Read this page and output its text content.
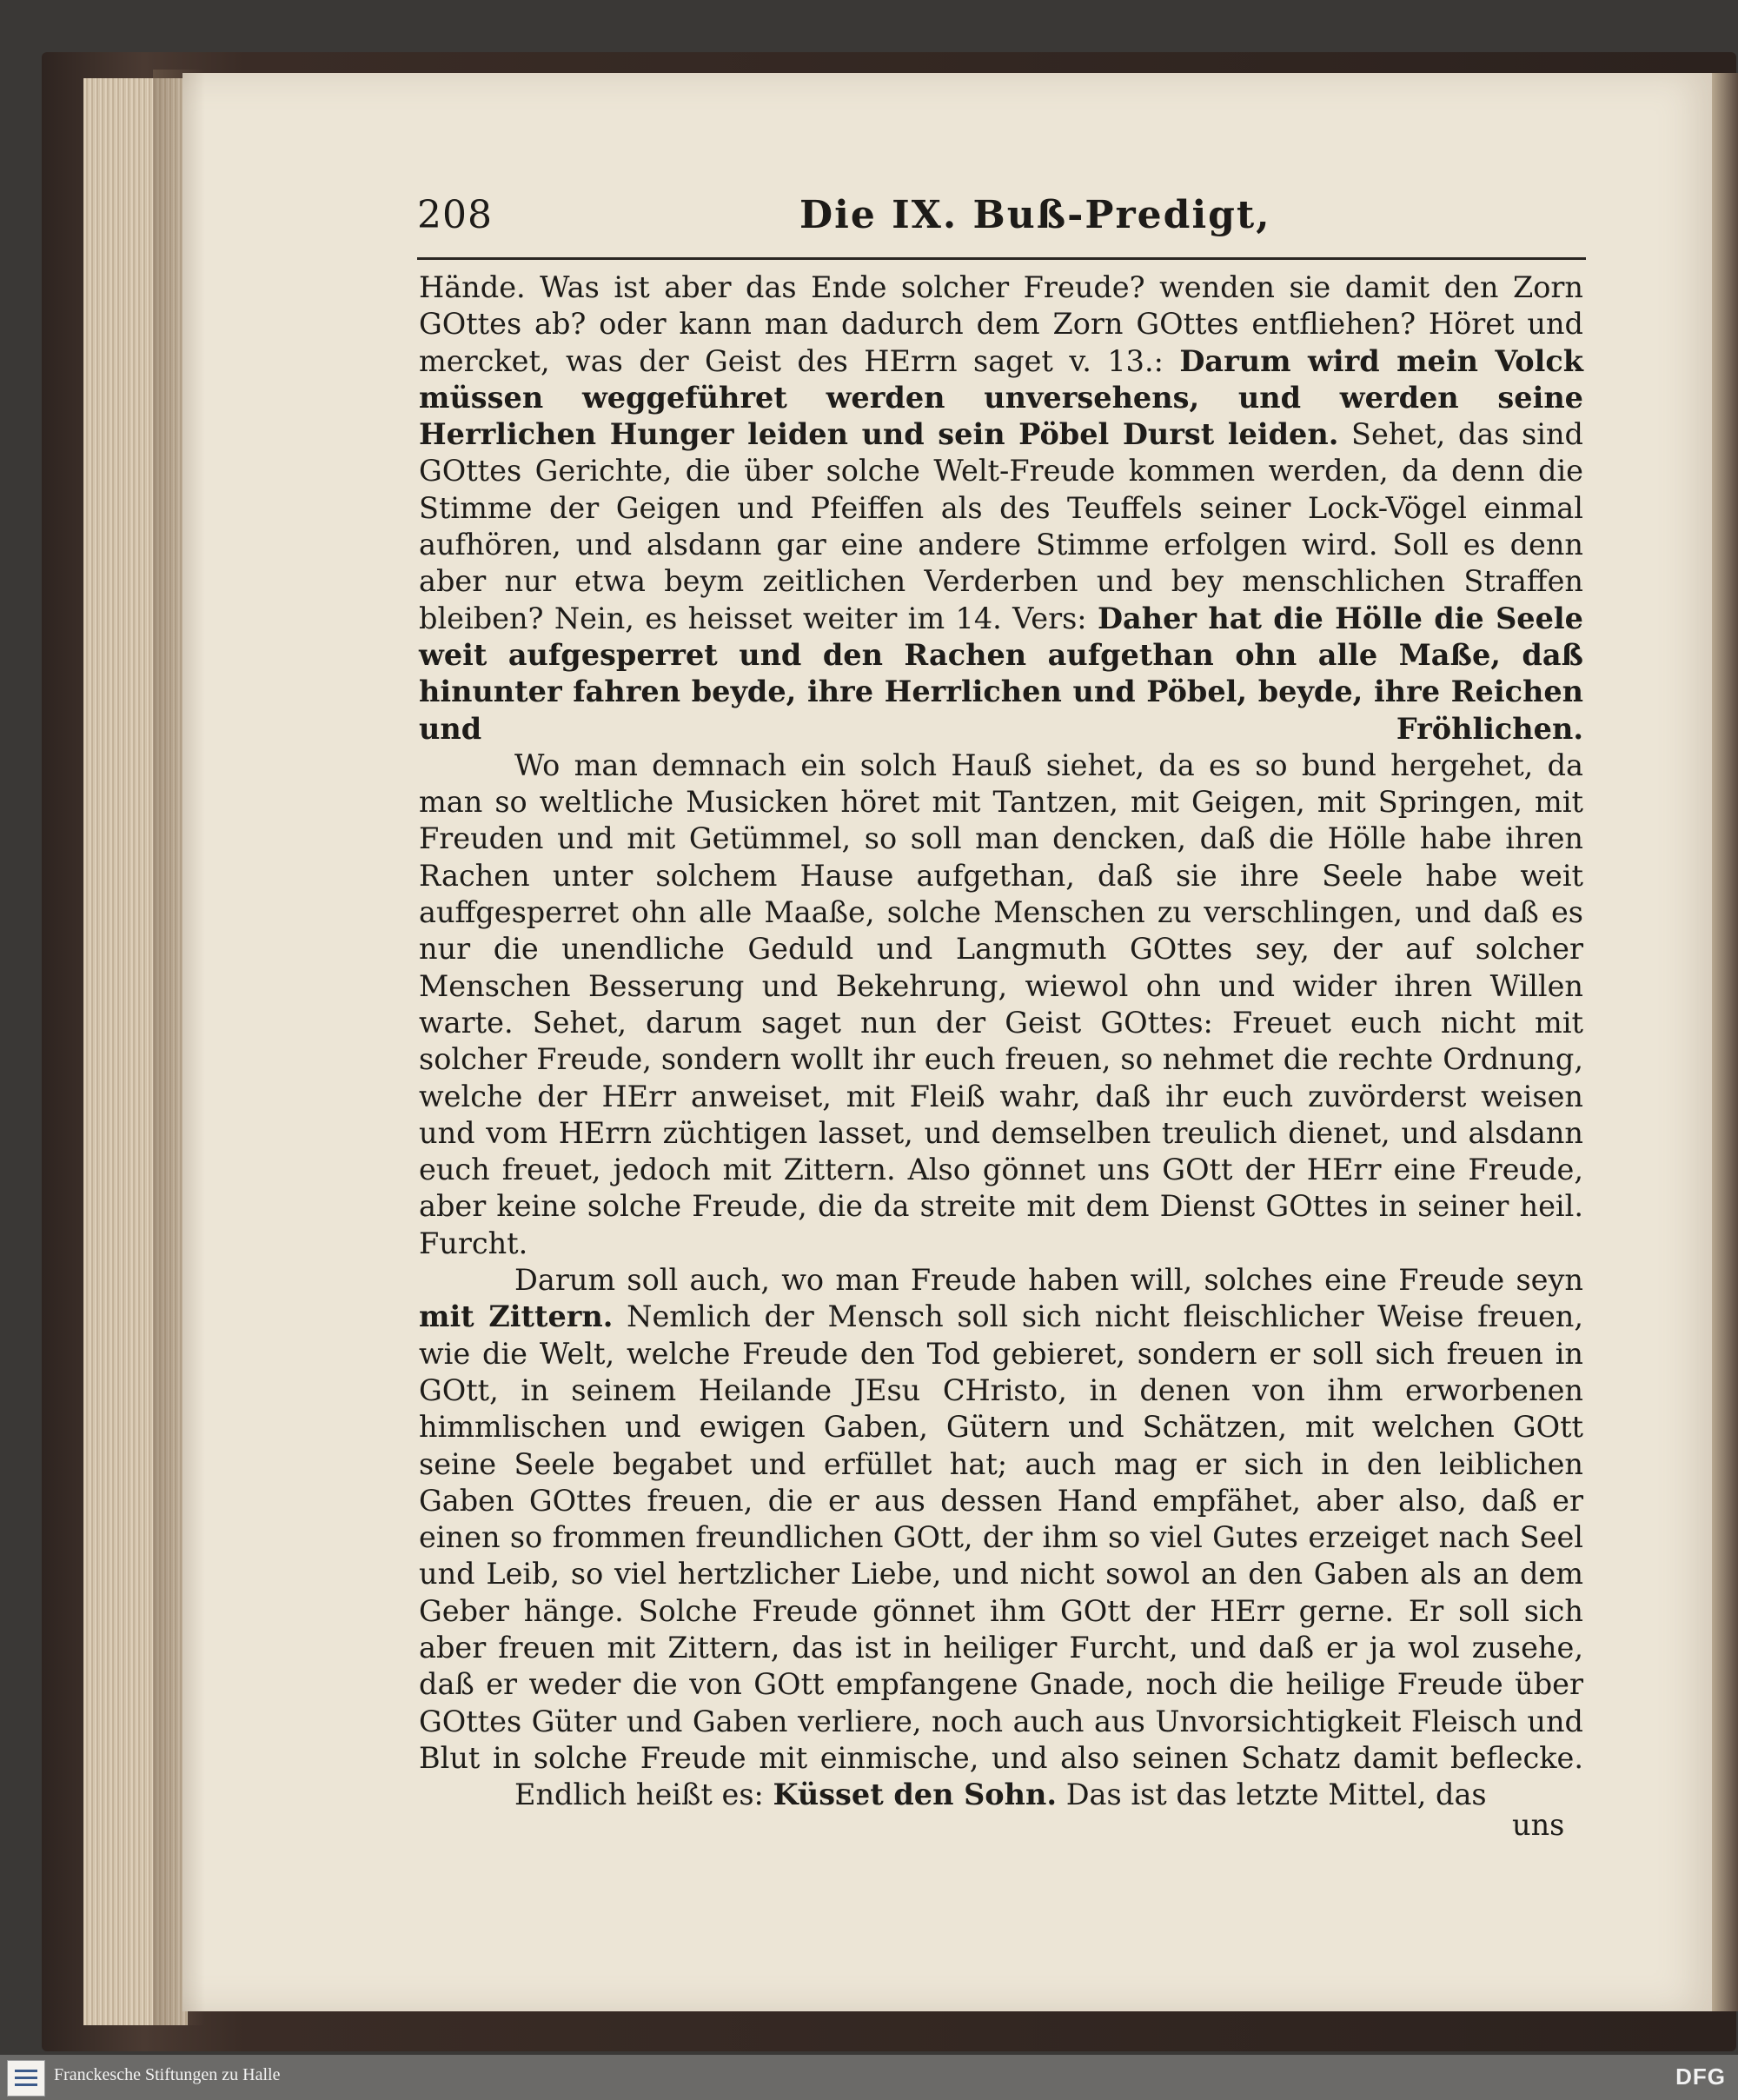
208	Die IX. Buß-Predigt,

Hände. Was ist aber das Ende solcher Freude? wenden sie damit den Zorn GOttes ab? oder kann man dadurch dem Zorn GOttes entfliehen? Höret und mercket, was der Geist des HErrn saget v. 13.: Darum wird mein Volck müssen weggeführet werden unversehens, und werden seine Herrlichen Hunger leiden und sein Pöbel Durst leiden. Sehet, das sind GOttes Gerichte, die über solche Welt-Freude kommen werden, da denn die Stimme der Geigen und Pfeiffen als des Teuffels seiner Lock-Vögel einmal aufhören, und alsdann gar eine andere Stimme erfolgen wird. Soll es denn aber nur etwa beym zeitlichen Verderben und bey menschlichen Straffen bleiben? Nein, es heisset weiter im 14. Vers: Daher hat die Hölle die Seele weit aufgesperret und den Rachen aufgethan ohn alle Maße, daß hinunter fahren beyde, ihre Herrlichen und Pöbel, beyde, ihre Reichen und Fröhlichen.

Wo man demnach ein solch Hauß siehet, da es so bund hergehet, da man so weltliche Musicken höret mit Tantzen, mit Geigen, mit Springen, mit Freuden und mit Getümmel, so soll man dencken, daß die Hölle habe ihren Rachen unter solchem Hause aufgethan, daß sie ihre Seele habe weit auffgesperret ohn alle Maaße, solche Menschen zu verschlingen, und daß es nur die unendliche Geduld und Langmuth GOttes sey, der auf solcher Menschen Besserung und Bekehrung, wiewol ohn und wider ihren Willen warte. Sehet, darum saget nun der Geist GOttes: Freuet euch nicht mit solcher Freude, sondern wollt ihr euch freuen, so nehmet die rechte Ordnung, welche der HErr anweiset, mit Fleiß wahr, daß ihr euch zuvörderst weisen und vom HErrn züchtigen lasset, und demselben treulich dienet, und alsdann euch freuet, jedoch mit Zittern. Also gönnet uns GOtt der HErr eine Freude, aber keine solche Freude, die da streite mit dem Dienst GOttes in seiner heil. Furcht.

Darum soll auch, wo man Freude haben will, solches eine Freude seyn mit Zittern. Nemlich der Mensch soll sich nicht fleischlicher Weise freuen, wie die Welt, welche Freude den Tod gebieret, sondern er soll sich freuen in GOtt, in seinem Heilande JEsu CHristo, in denen von ihm erworbenen himmlischen und ewigen Gaben, Gütern und Schätzen, mit welchen GOtt seine Seele begabet und erfüllet hat; auch mag er sich in den leiblichen Gaben GOttes freuen, die er aus dessen Hand empfähet, aber also, daß er einen so frommen freundlichen GOtt, der ihm so viel Gutes erzeiget nach Seel und Leib, so viel hertzlicher Liebe, und nicht sowol an den Gaben als an dem Geber hänge. Solche Freude gönnet ihm GOtt der HErr gerne. Er soll sich aber freuen mit Zittern, das ist in heiliger Furcht, und daß er ja wol zusehe, daß er weder die von GOtt empfangene Gnade, noch die heilige Freude über GOttes Güter und Gaben verliere, noch auch aus Unvorsichtigkeit Fleisch und Blut in solche Freude mit einmische, und also seinen Schatz damit beflecke.

Endlich heißt es: Küsset den Sohn. Das ist das letzte Mittel, das

uns
Franckesche Stiftungen zu Halle	DFG
